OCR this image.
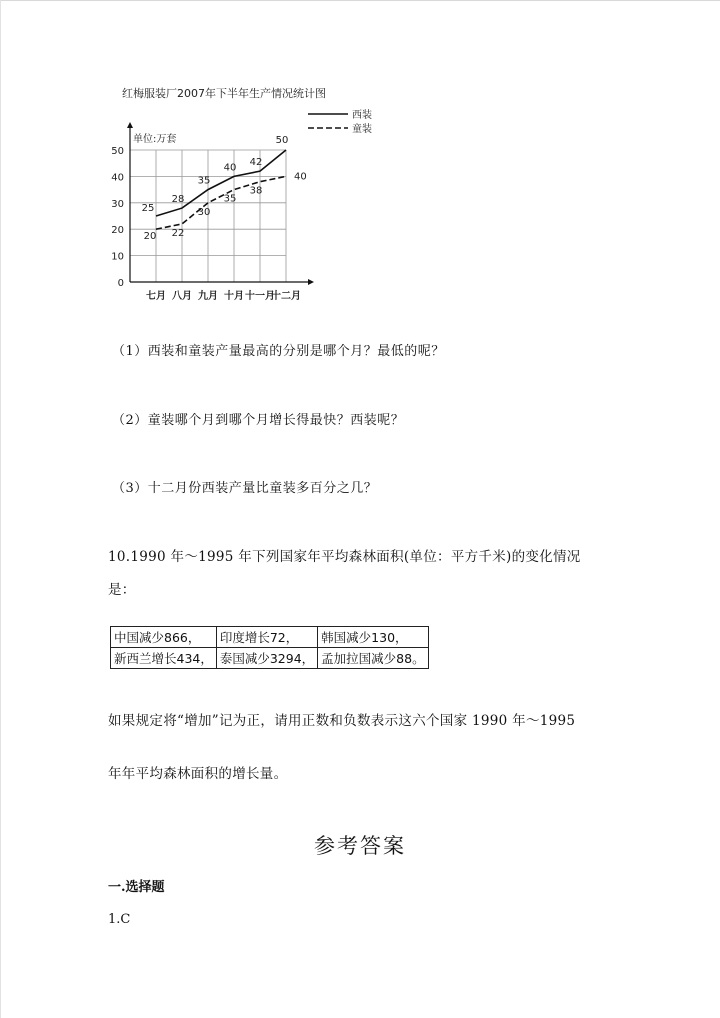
红梅服装厂2007年下半年生产情况统计图
单位:万套
0
10
20
30
40
50
七月 八月 九月 十月 十一月
十二月
25
28
35
40 42
50
20 22
30
35
38
40
西装
童装
（1）西装和童装产量最高的分别是哪个月？最低的呢？
（2）童装哪个月到哪个月增长得最快？西装呢？
（3）十二月份西装产量比童装多百分之几？
10.1990 年～1995 年下列国家年平均森林面积(单位：平方千米)的变化情况
是：
中国减少866，	印度增长72，	韩国减少130，
新西兰增长434，	泰国减少3294，	孟加拉国减少88。
如果规定将“增加”记为正，请用正数和负数表示这六个国家 1990 年～1995
年年平均森林面积的增长量。
参考答案
一.选择题
1.C
